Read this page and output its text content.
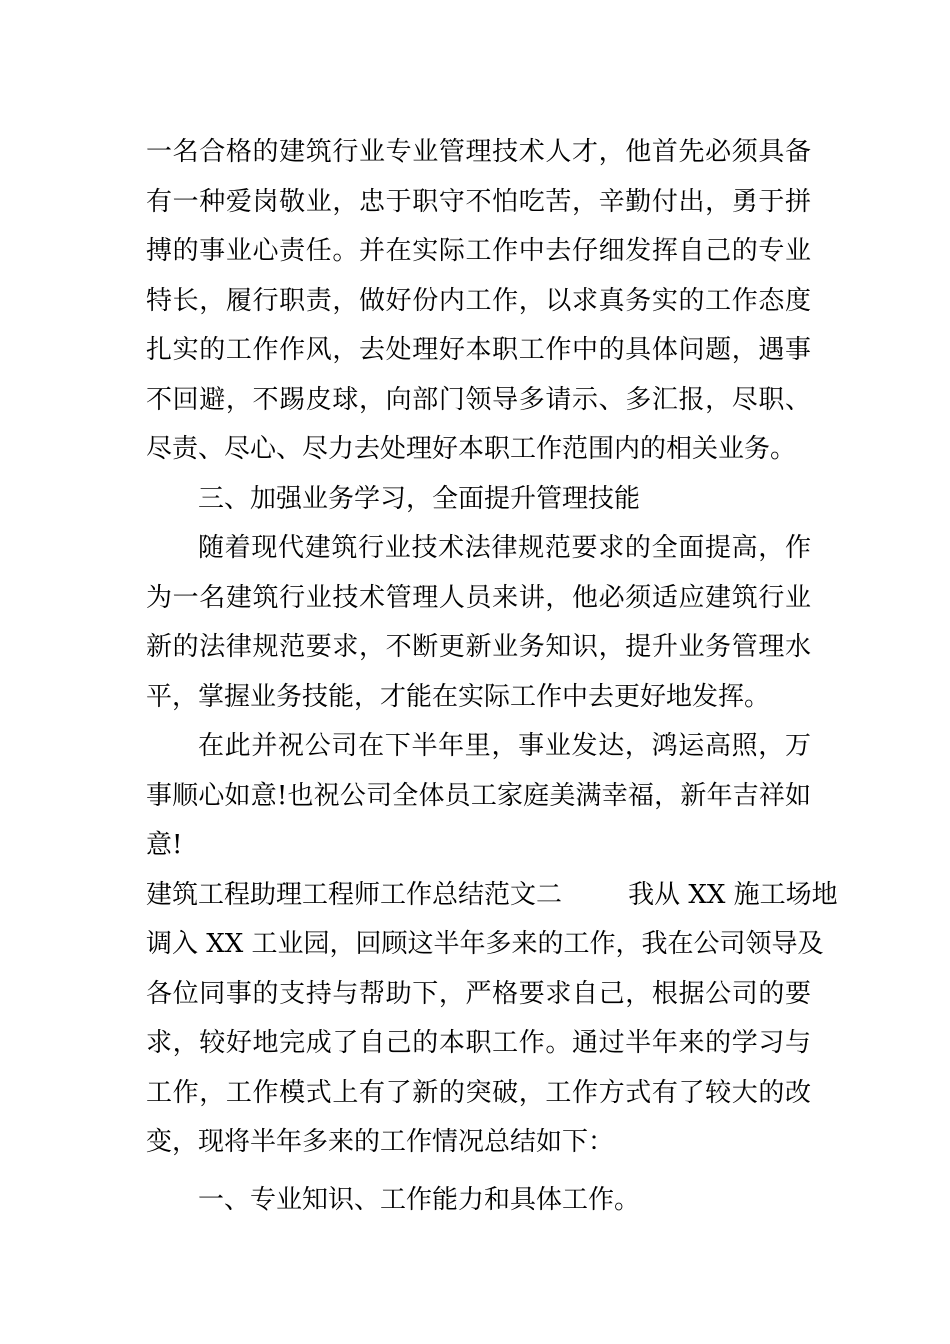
一名合格的建筑行业专业管理技术人才，他首先必须具备
有一种爱岗敬业，忠于职守不怕吃苦，辛勤付出，勇于拼
搏的事业心责任。并在实际工作中去仔细发挥自己的专业
特长，履行职责，做好份内工作，以求真务实的工作态度
扎实的工作作风，去处理好本职工作中的具体问题，遇事
不回避，不踢皮球，向部门领导多请示、多汇报，尽职、
尽责、尽心、尽力去处理好本职工作范围内的相关业务。
三、加强业务学习，全面提升管理技能
随着现代建筑行业技术法律规范要求的全面提高，作
为一名建筑行业技术管理人员来讲，他必须适应建筑行业
新的法律规范要求，不断更新业务知识，提升业务管理水
平，掌握业务技能，才能在实际工作中去更好地发挥。
在此并祝公司在下半年里，事业发达，鸿运高照，万
事顺心如意!也祝公司全体员工家庭美满幸福，新年吉祥如
意!
建筑工程助理工程师工作总结范文二        我从 XX 施工场地
调入 XX 工业园，回顾这半年多来的工作，我在公司领导及
各位同事的支持与帮助下，严格要求自己，根据公司的要
求，较好地完成了自己的本职工作。通过半年来的学习与
工作，工作模式上有了新的突破，工作方式有了较大的改
变，现将半年多来的工作情况总结如下：
一、专业知识、工作能力和具体工作。
